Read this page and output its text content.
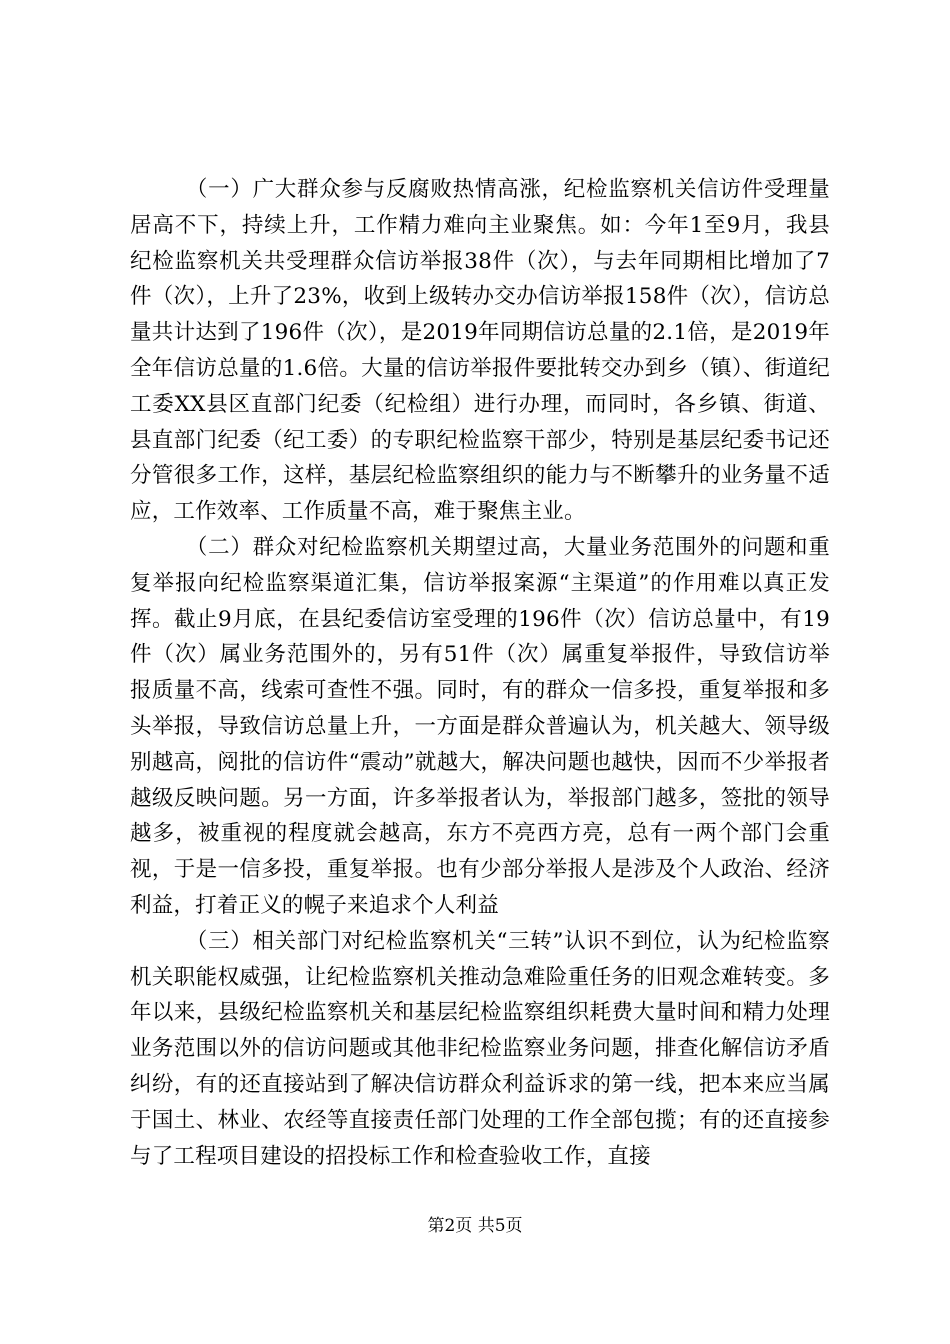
（一）广大群众参与反腐败热情高涨，纪检监察机关信访件受理量居高不下，持续上升，工作精力难向主业聚焦。如：今年1至9月，我县纪检监察机关共受理群众信访举报38件（次），与去年同期相比增加了7件（次），上升了23%，收到上级转办交办信访举报158件（次），信访总量共计达到了196件（次），是2019年同期信访总量的2.1倍，是2019年全年信访总量的1.6倍。大量的信访举报件要批转交办到乡（镇）、街道纪工委XX县区直部门纪委（纪检组）进行办理，而同时，各乡镇、街道、县直部门纪委（纪工委）的专职纪检监察干部少，特别是基层纪委书记还分管很多工作，这样，基层纪检监察组织的能力与不断攀升的业务量不适应，工作效率、工作质量不高，难于聚焦主业。

（二）群众对纪检监察机关期望过高，大量业务范围外的问题和重复举报向纪检监察渠道汇集，信访举报案源“主渠道”的作用难以真正发挥。截止9月底，在县纪委信访室受理的196件（次）信访总量中，有19件（次）属业务范围外的，另有51件（次）属重复举报件，导致信访举报质量不高，线索可查性不强。同时，有的群众一信多投，重复举报和多头举报，导致信访总量上升，一方面是群众普遍认为，机关越大、领导级别越高，阅批的信访件“震动”就越大，解决问题也越快，因而不少举报者越级反映问题。另一方面，许多举报者认为，举报部门越多，签批的领导越多，被重视的程度就会越高，东方不亮西方亮，总有一两个部门会重视，于是一信多投，重复举报。也有少部分举报人是涉及个人政治、经济利益，打着正义的幌子来追求个人利益

（三）相关部门对纪检监察机关“三转”认识不到位，认为纪检监察机关职能权威强，让纪检监察机关推动急难险重任务的旧观念难转变。多年以来，县级纪检监察机关和基层纪检监察组织耗费大量时间和精力处理业务范围以外的信访问题或其他非纪检监察业务问题，排查化解信访矛盾纠纷，有的还直接站到了解决信访群众利益诉求的第一线，把本来应当属于国土、林业、农经等直接责任部门处理的工作全部包揽；有的还直接参与了工程项目建设的招投标工作和检查验收工作，直接

第2页 共5页
